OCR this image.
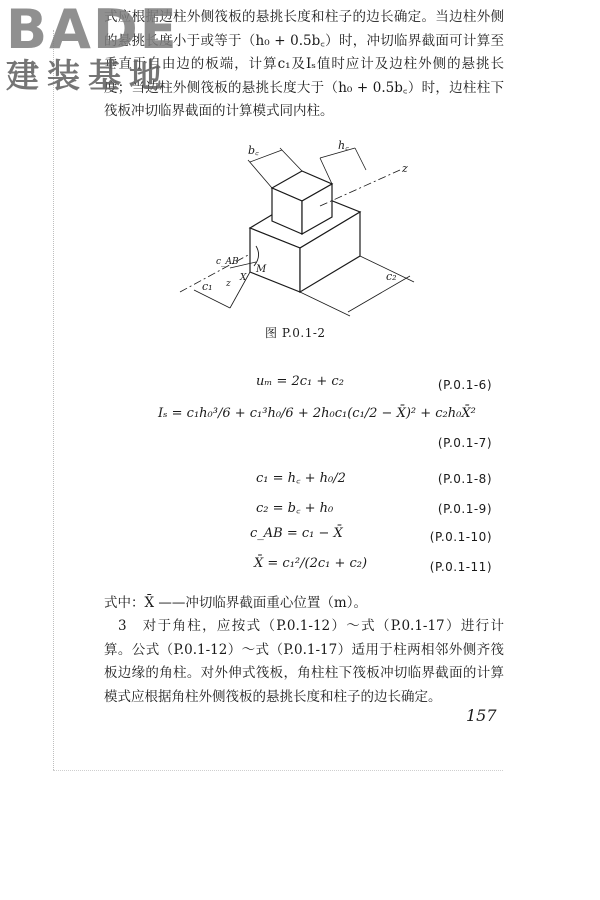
式应根据边柱外侧筏板的悬挑长度和柱子的边长确定。当边柱外侧的悬挑长度小于或等于（h₀ + 0.5b꜀）时，冲切临界截面可计算至垂直于自由边的板端，计算c₁及Iₛ值时应计及边柱外侧的悬挑长度；当边柱外侧筏板的悬挑长度大于（h₀ + 0.5b꜀）时，边柱柱下筏板冲切临界截面的计算模式同内柱。

BADE
建装基地
b꜀	h꜀
z
c_AB
M
X
z
c₁
c₂
图 P.0.1-2
uₘ = 2c₁ + c₂	(P.0.1-6)
Iₛ = c₁h₀³/6 + c₁³h₀/6 + 2h₀c₁(c₁/2 − X̄)² + c₂h₀X̄²
(P.0.1-7)
c₁ = h꜀ + h₀/2	(P.0.1-8)
c₂ = b꜀ + h₀	(P.0.1-9)
c_AB = c₁ − X̄	(P.0.1-10)
X̄ = c₁²/(2c₁ + c₂)	(P.0.1-11)

式中：X̄ ——冲切临界截面重心位置（m）。

3　对于角柱，应按式（P.0.1-12）～式（P.0.1-17）进行计算。公式（P.0.1-12）～式（P.0.1-17）适用于柱两相邻外侧齐筏板边缘的角柱。对外伸式筏板，角柱柱下筏板冲切临界截面的计算模式应根据角柱外侧筏板的悬挑长度和柱子的边长确定。

157
